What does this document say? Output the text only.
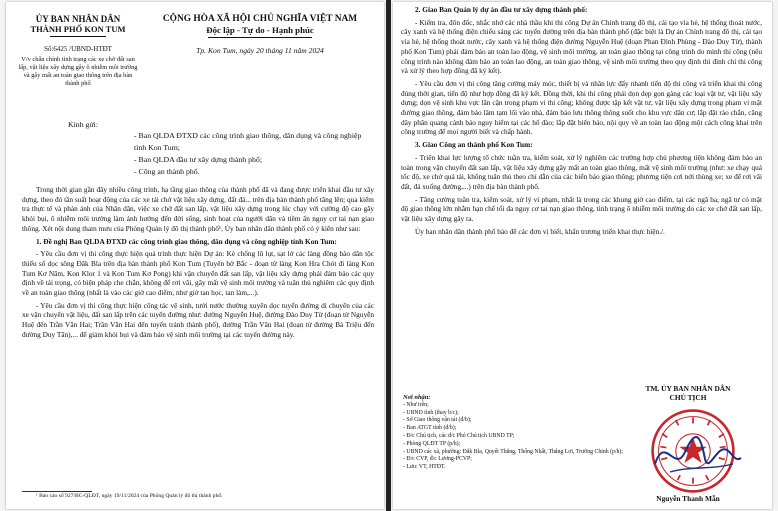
ỦY BAN NHÂN DÂN
THÀNH PHỐ KON TUM
Số:6425 /UBND-HTĐT
V/v chấn chỉnh tình trạng các xe chở đất san lấp, vật liệu xây dựng gây ô nhiễm môi trường và gây mất an toàn giao thông trên địa bàn thành phố
CỘNG HÒA XÃ HỘI CHỦ NGHĨA VIỆT NAM
Độc lập - Tự do - Hạnh phúc
Tp. Kon Tum, ngày 20 tháng 11 năm 2024
Kính gửi:
- Ban QLDA ĐTXD các công trình giao thông, dân dụng và công nghiệp tỉnh Kon Tum;
- Ban QLDA đầu tư xây dựng thành phố;
- Công an thành phố.

Trong thời gian gần đây nhiều công trình, hạ tầng giao thông của thành phố đã và đang được triển khai đầu tư xây dựng, theo đó tần suất hoạt động của các xe tải chở vật liệu xây dựng, đất đá... trên địa bàn thành phố tăng lên; qua kiểm tra thực tế và phản ánh của Nhân dân, việc xe chở đất san lấp, vật liệu xây dựng trong lúc chạy với cường độ cao gây khói bụi, ô nhiễm môi trường làm ảnh hưởng đến đời sống, sinh hoạt của người dân và tiềm ẩn nguy cơ tai nạn giao thông. Xét nội dung tham mưu của Phòng Quản lý đô thị thành phố¹, Ủy ban nhân dân thành phố có ý kiến như sau:

1. Đề nghị Ban QLDA ĐTXD các công trình giao thông, dân dụng và công nghiệp tỉnh Kon Tum:

- Yêu cầu đơn vị thi công thực hiện quá trình thực hiện Dự án: Kè chống lũ lụt, sạt lở các làng đồng bào dân tộc thiểu số dọc sông Đăk Bla trên địa bàn thành phố Kon Tum (Tuyến bờ Bắc - đoạn từ làng Kon Hra Chót đi làng Kon Tum Kơ Nâm, Kon Klor 1 và Kon Tum Kơ Pong) khi vận chuyển đất san lấp, vật liệu xây dựng phải đảm bảo các quy định về tải trọng, có biện pháp che chắn, không để rơi vãi, gây mất vệ sinh môi trường và tuân thủ nghiêm các quy định về an toàn giao thông (nhất là vào các giờ cao điểm, như giờ tan học, tan làm,...).

- Yêu cầu đơn vị thi công thực hiện công tác vệ sinh, tưới nước thường xuyên dọc tuyến đường di chuyển của các xe vận chuyển vật liệu, đất san lấp trên các tuyến đường như: đường Nguyễn Huệ, đường Đào Duy Từ (đoạn từ Nguyễn Huệ đến Trần Văn Hai; Trần Văn Hai đến tuyến tránh thành phố), đường Trần Văn Hai (đoạn từ đường Bà Triệu đến đường Duy Tân),... để giảm khói bụi và đảm bảo vệ sinh môi trường tại các tuyến đường này.

¹ Báo cáo số 927/BC-QLĐT, ngày 19/11/2024 của Phòng Quản lý đô thị thành phố.

2. Giao Ban Quản lý dự án đầu tư xây dựng thành phố:

- Kiểm tra, đôn đốc, nhắc nhở các nhà thầu khi thi công Dự án Chỉnh trang đô thị, cải tạo vỉa hè, hệ thống thoát nước, cây xanh và hệ thống điện chiếu sáng các tuyến đường trên địa bàn thành phố (đặc biệt là Dự án Chỉnh trang đô thị, cải tạo vỉa hè, hệ thống thoát nước, cây xanh và hệ thống điện đường Nguyễn Huệ (đoạn Phan Đình Phùng - Đào Duy Từ), thành phố Kon Tum) phải đảm bảo an toàn lao động, vệ sinh môi trường, an toàn giao thông tại công trình do mình thi công (nếu công trình nào không đảm bảo an toàn lao động, an toàn giao thông, vệ sinh môi trường theo quy định thì đình chỉ thi công và xử lý theo hợp đồng đã ký kết).

- Yêu cầu đơn vị thi công tăng cường máy móc, thiết bị và nhân lực đẩy nhanh tiến độ thi công và triển khai thi công đúng thời gian, tiến độ như hợp đồng đã ký kết. Đồng thời, khi thi công phải dọn dẹp gọn gàng các loại vật tư, vật liệu xây dựng; dọn vệ sinh khu vực lân cận trong phạm vi thi công; không được tập kết vật tư, vật liệu xây dựng trong phạm vi mặt đường giao thông, đảm bảo lâm tạm lối vào nhà, đảm bảo lưu thông thông suốt cho khu vực dân cư; lắp đặt rào chắn, căng dây phân quang cảnh báo nguy hiểm tại các hố đào; lắp đặt biển báo, nội quy về an toàn lao động một cách công khai trên công trường để mọi người biết và chấp hành.

3. Giao Công an thành phố Kon Tum:

- Triển khai lực lượng tổ chức tuần tra, kiểm soát, xử lý nghiêm các trường hợp chủ phương tiện không đảm bảo an toàn trong vận chuyển đất san lấp, vật liệu xây dựng gây mất an toàn giao thông, mất vệ sinh môi trường (như: xe chạy quá tốc độ, xe chở quá tải, không tuân thủ theo chỉ dẫn của các biển báo giao thông; phương tiện cơi nới thùng xe; xe để rơi vãi đất, đá xuống đường,...) trên địa bàn thành phố.

- Tăng cường tuần tra, kiểm soát, xử lý vi phạm, nhất là trong các khung giờ cao điểm, tại các ngã ba, ngã tư có mật độ giao thông lớn nhằm hạn chế tối đa nguy cơ tai nạn giao thông, tình trạng ô nhiễm môi trường do các xe chở đất san lấp, vật liệu xây dựng gây ra.

Ủy ban nhân dân thành phố báo để các đơn vị biết, khẩn trương triển khai thực hiện./.

Nơi nhận:
- Như trên;
- UBND tỉnh (thay b/c);
- Sở Giao thông vận tải (đ/b);
- Ban ATGT tỉnh (đ/b);
- Đ/c Chủ tịch, các đ/c Phó Chủ tịch UBND TP;
- Phòng QLĐT TP (p/h);
- UBND các xã, phường: Đăk Bla, Quyết Thắng, Thống Nhất, Thắng Lợi, Trường Chinh (p/h);
- Đ/c CVP, đ/c Lương-PCVP;
- Lưu: VT, HTĐT.
TM. ỦY BAN NHÂN DÂN
CHỦ TỊCH
Nguyễn Thanh Mẫn
